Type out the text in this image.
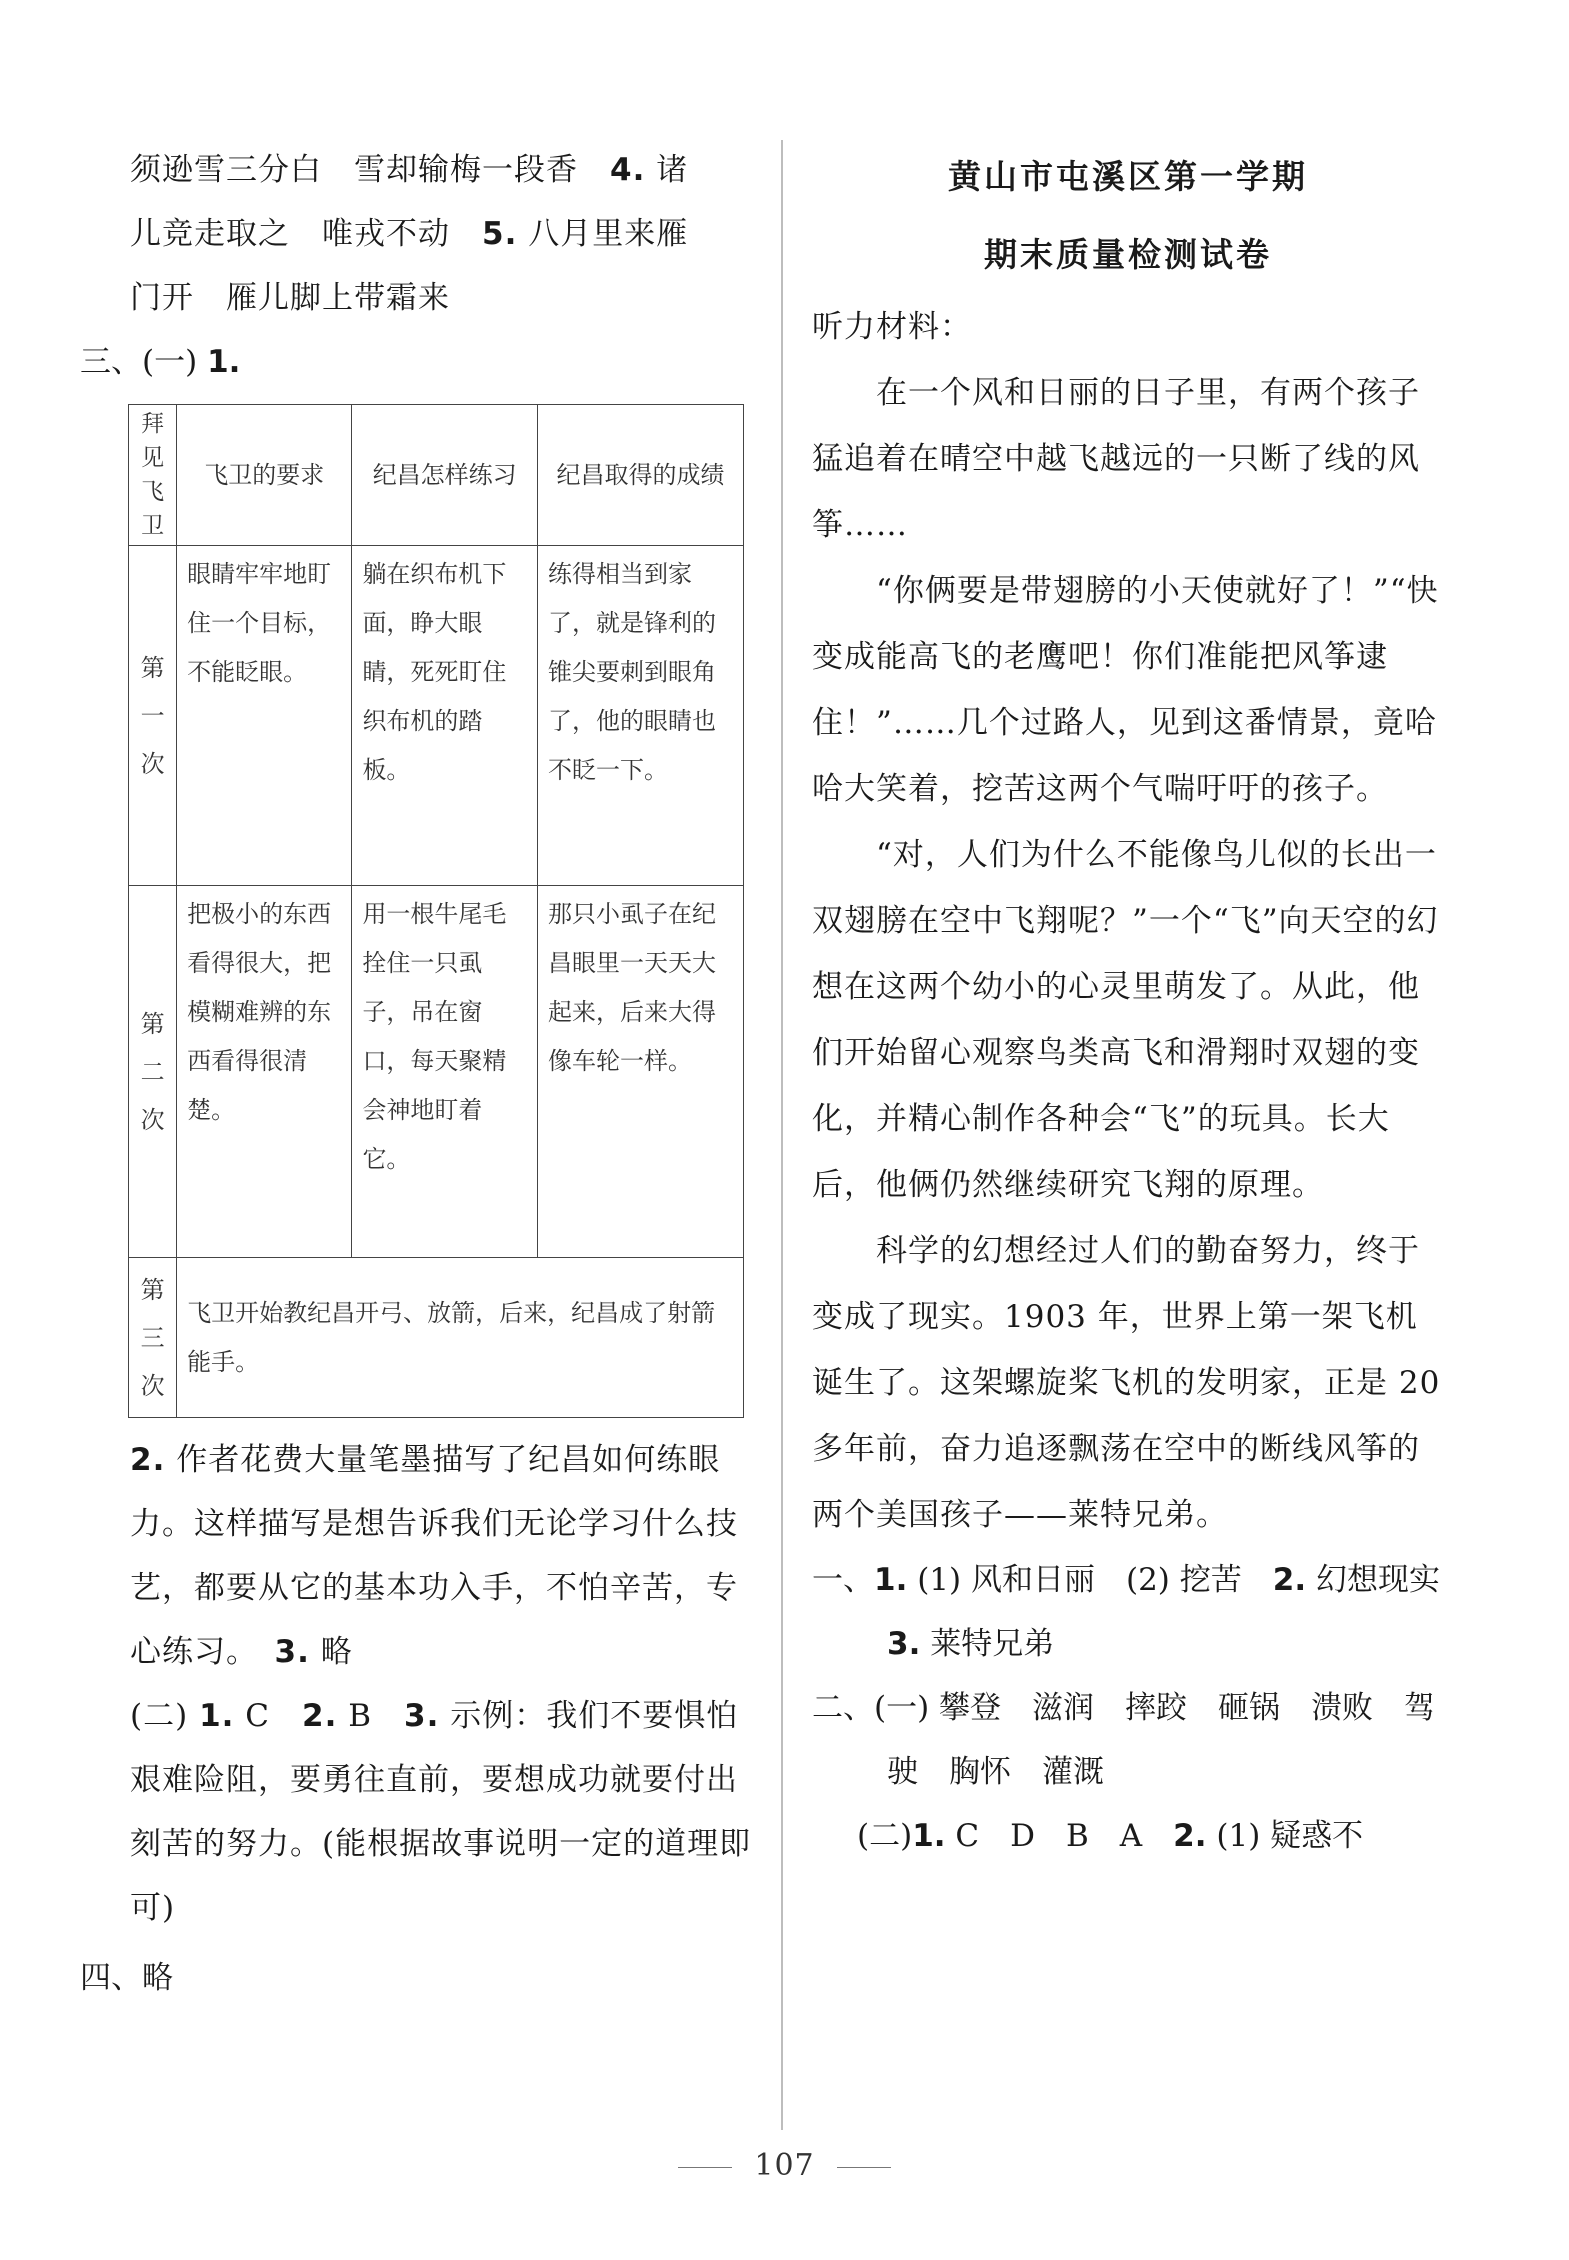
须逊雪三分白　雪却输梅一段香　4. 诸
儿竞走取之　唯戎不动　5. 八月里来雁
门开　雁儿脚上带霜来

三、(一) 1.

拜见飞卫	飞卫的要求	纪昌怎样练习	纪昌取得的成绩
第一次	眼睛牢牢地盯住一个目标，不能眨眼。	躺在织布机下面，睁大眼睛，死死盯住织布机的踏板。	练得相当到家了，就是锋利的锥尖要刺到眼角了，他的眼睛也不眨一下。
第二次	把极小的东西看得很大，把模糊难辨的东西看得很清楚。	用一根牛尾毛拴住一只虱子，吊在窗口，每天聚精会神地盯着它。	那只小虱子在纪昌眼里一天天大起来，后来大得像车轮一样。
第三次	飞卫开始教纪昌开弓、放箭，后来，纪昌成了射箭能手。		

2. 作者花费大量笔墨描写了纪昌如何练眼力。这样描写是想告诉我们无论学习什么技艺，都要从它的基本功入手，不怕辛苦，专心练习。　3. 略

(二) 1. C　2. B　3. 示例：我们不要惧怕艰难险阻，要勇往直前，要想成功就要付出刻苦的努力。(能根据故事说明一定的道理即可)

四、略

黄山市屯溪区第一学期
期末质量检测试卷

听力材料：

在一个风和日丽的日子里，有两个孩子猛追着在晴空中越飞越远的一只断了线的风筝……

“你俩要是带翅膀的小天使就好了！”“快变成能高飞的老鹰吧！你们准能把风筝逮住！”……几个过路人，见到这番情景，竟哈哈大笑着，挖苦这两个气喘吁吁的孩子。

“对，人们为什么不能像鸟儿似的长出一双翅膀在空中飞翔呢？”一个“飞”向天空的幻想在这两个幼小的心灵里萌发了。从此，他们开始留心观察鸟类高飞和滑翔时双翅的变化，并精心制作各种会“飞”的玩具。长大后，他俩仍然继续研究飞翔的原理。

科学的幻想经过人们的勤奋努力，终于变成了现实。1903 年，世界上第一架飞机诞生了。这架螺旋桨飞机的发明家，正是 20 多年前，奋力追逐飘荡在空中的断线风筝的两个美国孩子——莱特兄弟。

一、1. (1) 风和日丽　(2) 挖苦　2. 幻想现实　3. 莱特兄弟

二、(一) 攀登　滋润　摔跤　砸锅　溃败　驾驶　胸怀　灌溉

(二)1. C　D　B　A　2. (1) 疑惑不

107
